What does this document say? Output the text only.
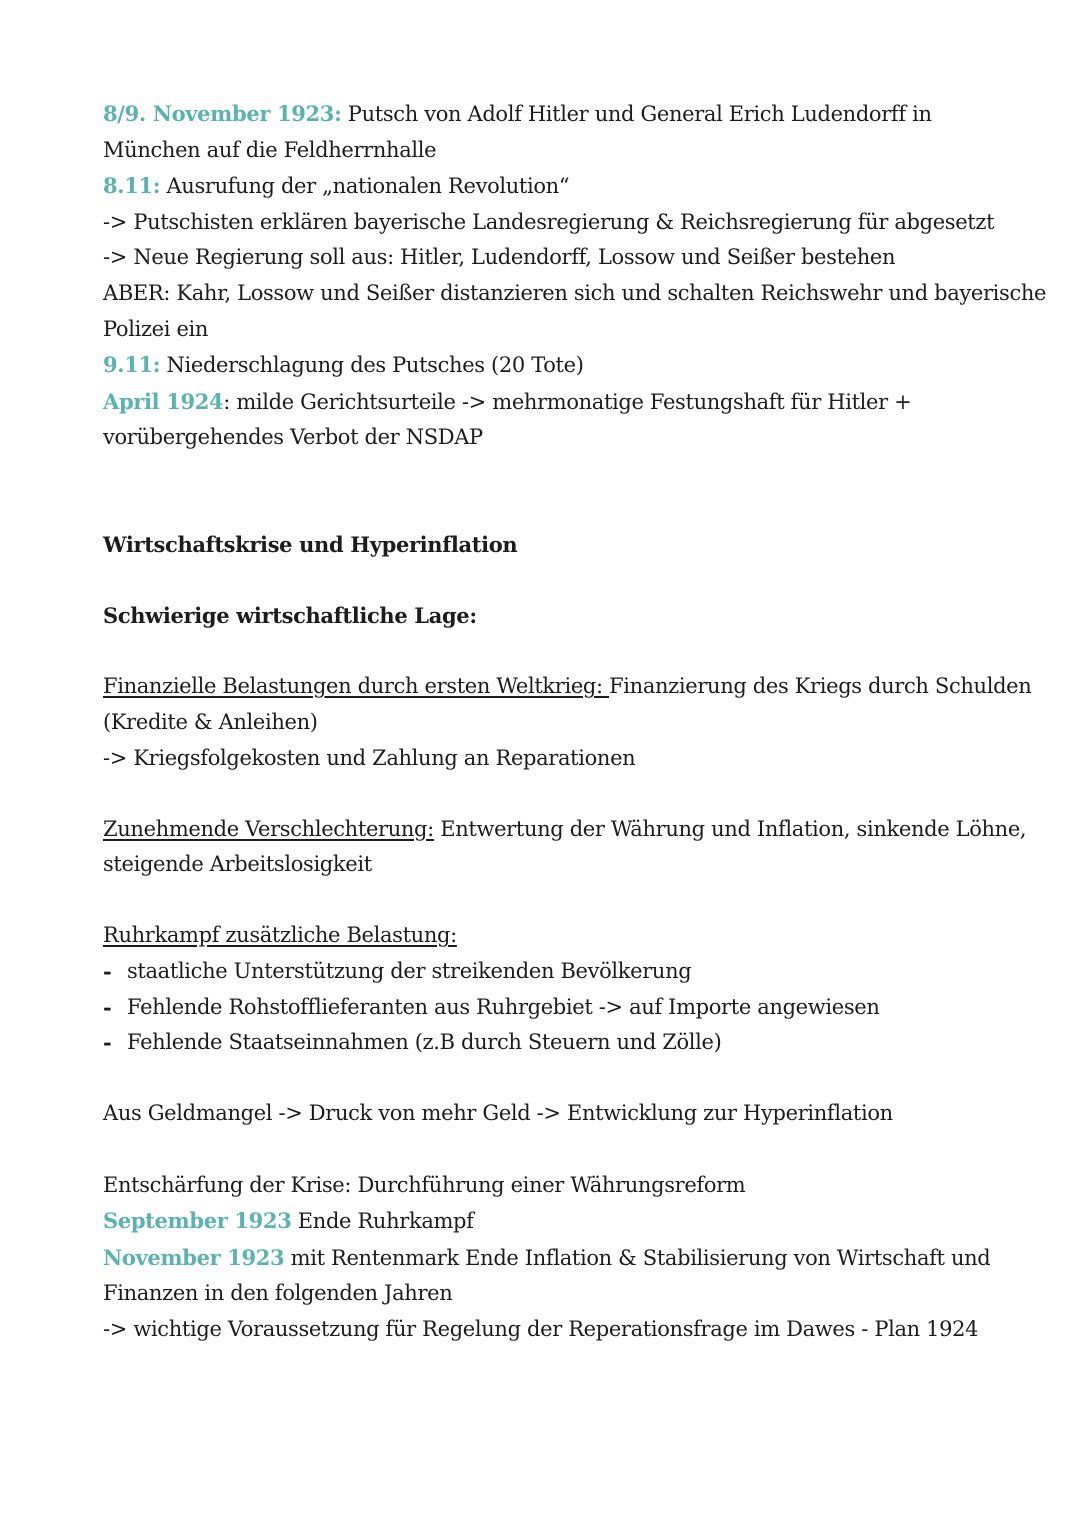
8/9. November 1923: Putsch von Adolf Hitler und General Erich Ludendorff in
München auf die Feldherrnhalle
8.11: Ausrufung der „nationalen Revolution“
-> Putschisten erklären bayerische Landesregierung & Reichsregierung für abgesetzt
-> Neue Regierung soll aus: Hitler, Ludendorff, Lossow und Seißer bestehen
ABER: Kahr, Lossow und Seißer distanzieren sich und schalten Reichswehr und bayerische
Polizei ein
9.11: Niederschlagung des Putsches (20 Tote)
April 1924: milde Gerichtsurteile -> mehrmonatige Festungshaft für Hitler +
vorübergehendes Verbot der NSDAP
Wirtschaftskrise und Hyperinflation
Schwierige wirtschaftliche Lage:
Finanzielle Belastungen durch ersten Weltkrieg: Finanzierung des Kriegs durch Schulden
(Kredite & Anleihen)
-> Kriegsfolgekosten und Zahlung an Reparationen
Zunehmende Verschlechterung: Entwertung der Währung und Inflation, sinkende Löhne,
steigende Arbeitslosigkeit
Ruhrkampf zusätzliche Belastung:
- staatliche Unterstützung der streikenden Bevölkerung
- Fehlende Rohstofflieferanten aus Ruhrgebiet -> auf Importe angewiesen
- Fehlende Staatseinnahmen (z.B durch Steuern und Zölle)
Aus Geldmangel -> Druck von mehr Geld -> Entwicklung zur Hyperinflation
Entschärfung der Krise: Durchführung einer Währungsreform
September 1923 Ende Ruhrkampf
November 1923 mit Rentenmark Ende Inflation & Stabilisierung von Wirtschaft und
Finanzen in den folgenden Jahren
-> wichtige Voraussetzung für Regelung der Reperationsfrage im Dawes - Plan 1924
